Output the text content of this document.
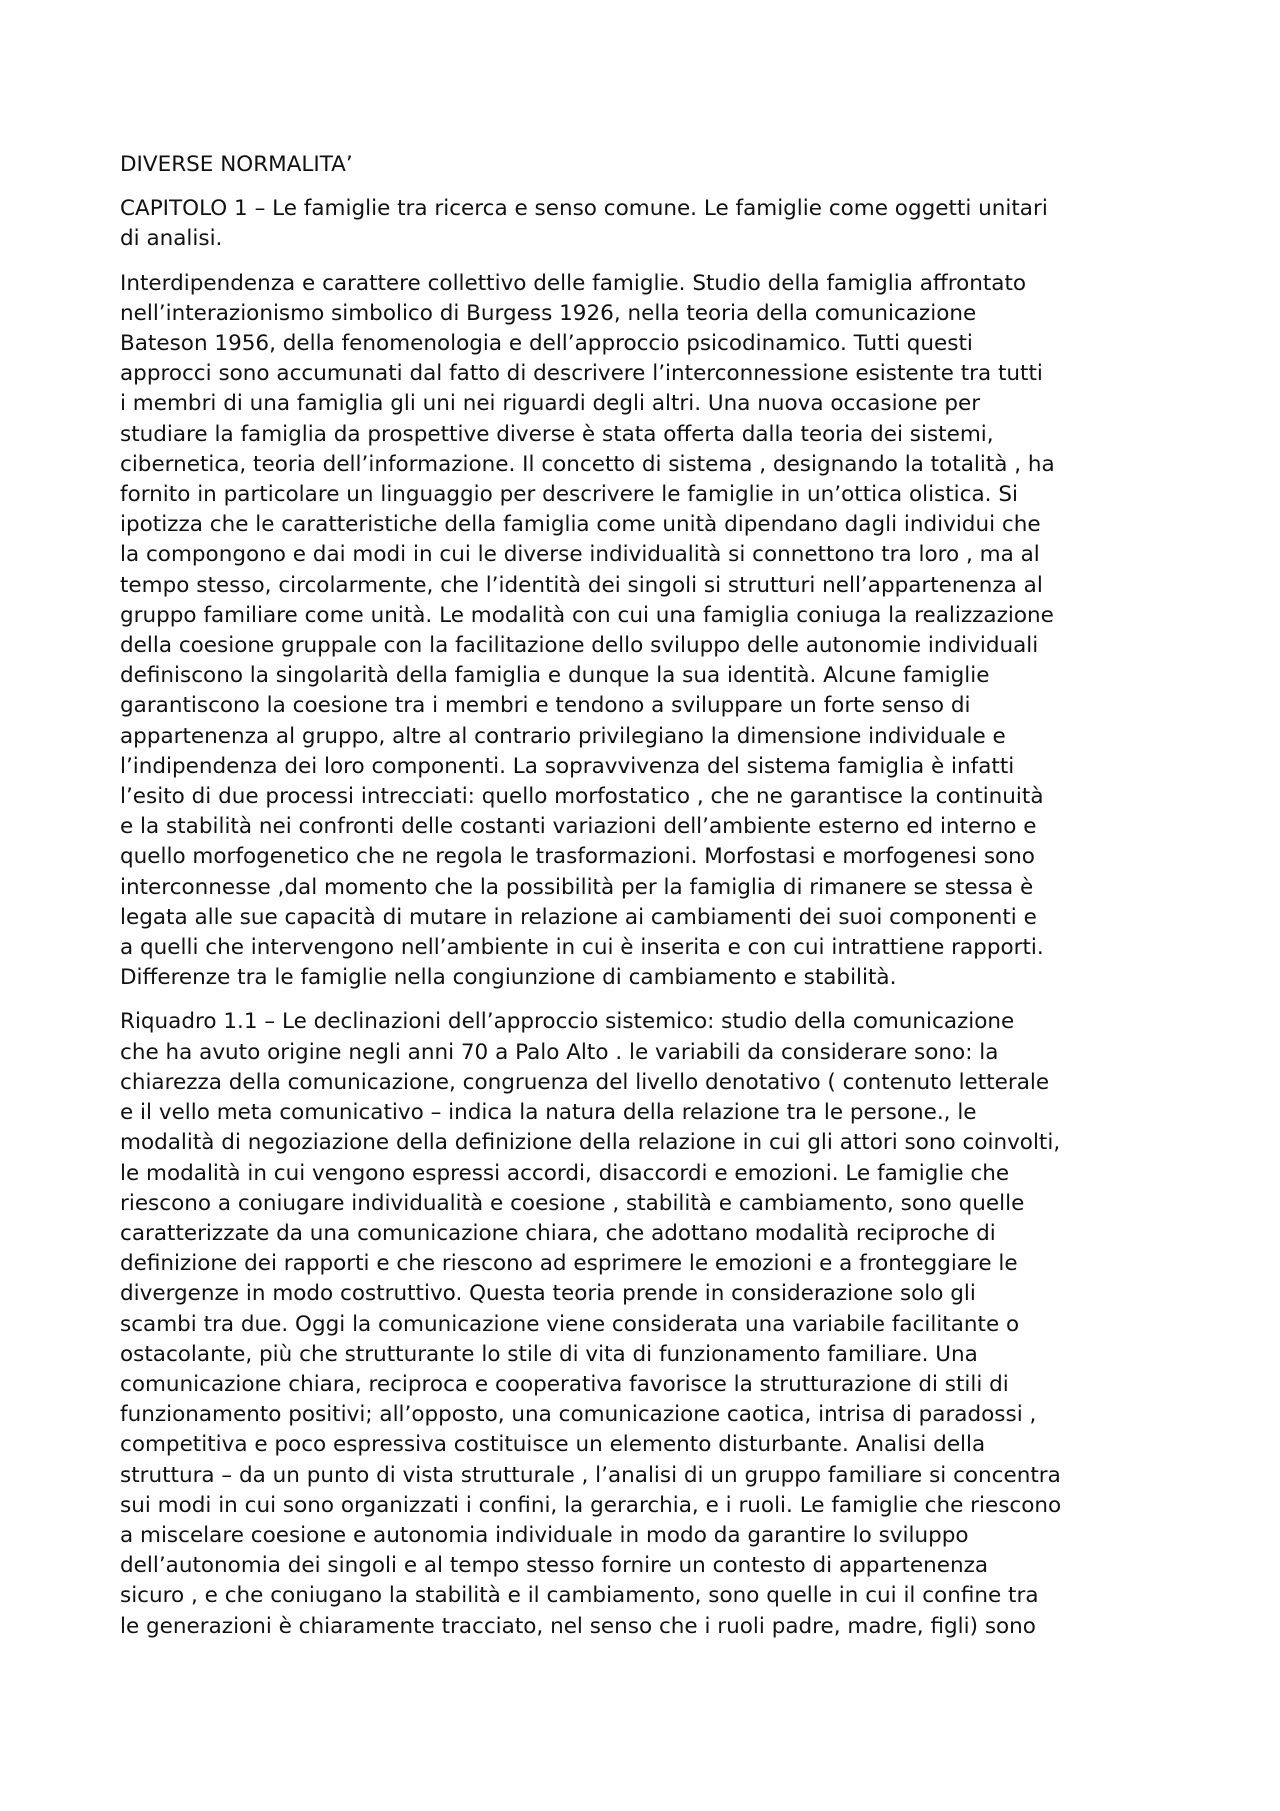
DIVERSE NORMALITA’

CAPITOLO 1 – Le famiglie tra ricerca e senso comune. Le famiglie come oggetti unitari
di analisi.

Interdipendenza e carattere collettivo delle famiglie. Studio della famiglia affrontato
nell’interazionismo simbolico di Burgess 1926, nella teoria della comunicazione
Bateson 1956, della fenomenologia e dell’approccio psicodinamico. Tutti questi
approcci sono accumunati dal fatto di descrivere l’interconnessione esistente tra tutti
i membri di una famiglia gli uni nei riguardi degli altri. Una nuova occasione per
studiare la famiglia da prospettive diverse è stata offerta dalla teoria dei sistemi,
cibernetica, teoria dell’informazione. Il concetto di sistema , designando la totalità , ha
fornito in particolare un linguaggio per descrivere le famiglie in un’ottica olistica. Si
ipotizza che le caratteristiche della famiglia come unità dipendano dagli individui che
la compongono e dai modi in cui le diverse individualità si connettono tra loro , ma al
tempo stesso, circolarmente, che l’identità dei singoli si strutturi nell’appartenenza al
gruppo familiare come unità. Le modalità con cui una famiglia coniuga la realizzazione
della coesione gruppale con la facilitazione dello sviluppo delle autonomie individuali
definiscono la singolarità della famiglia e dunque la sua identità. Alcune famiglie
garantiscono la coesione tra i membri e tendono a sviluppare un forte senso di
appartenenza al gruppo, altre al contrario privilegiano la dimensione individuale e
l’indipendenza dei loro componenti. La sopravvivenza del sistema famiglia è infatti
l’esito di due processi intrecciati: quello morfostatico , che ne garantisce la continuità
e la stabilità nei confronti delle costanti variazioni dell’ambiente esterno ed interno e
quello morfogenetico che ne regola le trasformazioni. Morfostasi e morfogenesi sono
interconnesse ,dal momento che la possibilità per la famiglia di rimanere se stessa è
legata alle sue capacità di mutare in relazione ai cambiamenti dei suoi componenti e
a quelli che intervengono nell’ambiente in cui è inserita e con cui intrattiene rapporti.
Differenze tra le famiglie nella congiunzione di cambiamento e stabilità.

Riquadro 1.1 – Le declinazioni dell’approccio sistemico: studio della comunicazione
che ha avuto origine negli anni 70 a Palo Alto . le variabili da considerare sono: la
chiarezza della comunicazione, congruenza del livello denotativo ( contenuto letterale
e il vello meta comunicativo – indica la natura della relazione tra le persone., le
modalità di negoziazione della definizione della relazione in cui gli attori sono coinvolti,
le modalità in cui vengono espressi accordi, disaccordi e emozioni. Le famiglie che
riescono a coniugare individualità e coesione , stabilità e cambiamento, sono quelle
caratterizzate da una comunicazione chiara, che adottano modalità reciproche di
definizione dei rapporti e che riescono ad esprimere le emozioni e a fronteggiare le
divergenze in modo costruttivo. Questa teoria prende in considerazione solo gli
scambi tra due. Oggi la comunicazione viene considerata una variabile facilitante o
ostacolante, più che strutturante lo stile di vita di funzionamento familiare. Una
comunicazione chiara, reciproca e cooperativa favorisce la strutturazione di stili di
funzionamento positivi; all’opposto, una comunicazione caotica, intrisa di paradossi ,
competitiva e poco espressiva costituisce un elemento disturbante. Analisi della
struttura – da un punto di vista strutturale , l’analisi di un gruppo familiare si concentra
sui modi in cui sono organizzati i confini, la gerarchia, e i ruoli. Le famiglie che riescono
a miscelare coesione e autonomia individuale in modo da garantire lo sviluppo
dell’autonomia dei singoli e al tempo stesso fornire un contesto di appartenenza
sicuro , e che coniugano la stabilità e il cambiamento, sono quelle in cui il confine tra
le generazioni è chiaramente tracciato, nel senso che i ruoli padre, madre, figli) sono
